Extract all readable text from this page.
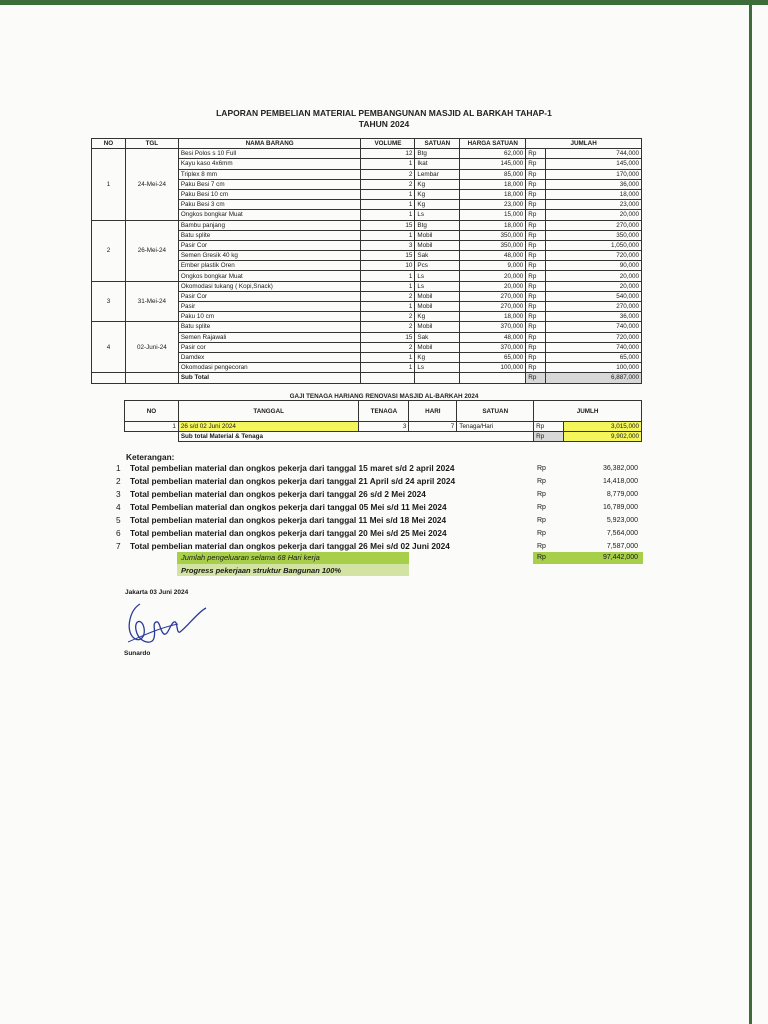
LAPORAN PEMBELIAN MATERIAL PEMBANGUNAN MASJID AL BARKAH TAHAP-1
TAHUN 2024
NO	TGL	NAMA BARANG	VOLUME	SATUAN	HARGA SATUAN	JUMLAH	
1	24-Mei-24	Besi Polos s 10 Full	12	Btg	62,000	Rp	744,000
		Kayu kaso 4x6mm	1	Ikat	145,000	Rp	145,000
		Triplex 8 mm	2	Lembar	85,000	Rp	170,000
		Paku Besi 7 cm	2	Kg	18,000	Rp	36,000
		Paku Besi 10 cm	1	Kg	18,000	Rp	18,000
		Paku Besi 3 cm	1	Kg	23,000	Rp	23,000
		Ongkos bongkar Muat	1	Ls	15,000	Rp	20,000
2	26-Mei-24	Bambu panjang	15	Btg	18,000	Rp	270,000
		Batu splite	1	Mobil	350,000	Rp	350,000
		Pasir Cor	3	Mobil	350,000	Rp	1,050,000
		Semen Gresik 40 kg	15	Sak	48,000	Rp	720,000
		Ember plastik Oren	10	Pcs	9,000	Rp	90,000
		Ongkos bongkar Muat	1	Ls	20,000	Rp	20,000
3	31-Mei-24	Okomodasi tukang ( Kopi,Snack)	1	Ls	20,000	Rp	20,000
		Pasir Cor	2	Mobil	270,000	Rp	540,000
		Pasir	1	Mobil	270,000	Rp	270,000
		Paku 10 cm	2	Kg	18,000	Rp	36,000
4	02-Juni-24	Batu splite	2	Mobil	370,000	Rp	740,000
		Semen Rajawali	15	Sak	48,000	Rp	720,000
		Pasir cor	2	Mobil	370,000	Rp	740,000
		Damdex	1	Kg	65,000	Rp	65,000
		Okomodasi pengecoran	1	Ls	100,000	Rp	100,000
		Sub Total				Rp	6,887,000
GAJI TENAGA HARIANG RENOVASI MASJID AL-BARKAH 2024
NO	TANGGAL	TENAGA	HARI	SATUAN	JUMLH	
1	26 s/d 02 Juni 2024	3	7	Tenaga/Hari	Rp	3,015,000
	Sub total Material & Tenaga				Rp	9,902,000
Keterangan:
1 Total pembelian material dan ongkos pekerja dari tanggal 15 maret s/d 2 april 2024	Rp	36,382,000
2 Total pembelian material dan ongkos pekerja dari tanggal 21 April s/d 24 april 2024	Rp	14,418,000
3 Total pembelian material dan ongkos pekerja dari tanggal 26 s/d 2 Mei 2024	Rp	8,779,000
4 Total Pembelian material dan ongkos pekerja dari tanggal 05 Mei s/d 11 Mei 2024	Rp	16,789,000
5 Total pembelian material dan ongkos pekerja dari tanggal 11 Mei s/d 18 Mei 2024	Rp	5,923,000
6 Total pembelian material dan ongkos pekerja dari tanggal 20 Mei s/d 25 Mei 2024	Rp	7,564,000
7 Total pembelian material dan ongkos pekerja dari tanggal 26 Mei s/d 02 Juni 2024	Rp	7,587,000
Jumlah pengeluaran selama 68 Hari kerja	Rp	97,442,000
Progress pekerjaan struktur Bangunan 100%
Jakarta 03 Juni 2024
Sunardo
